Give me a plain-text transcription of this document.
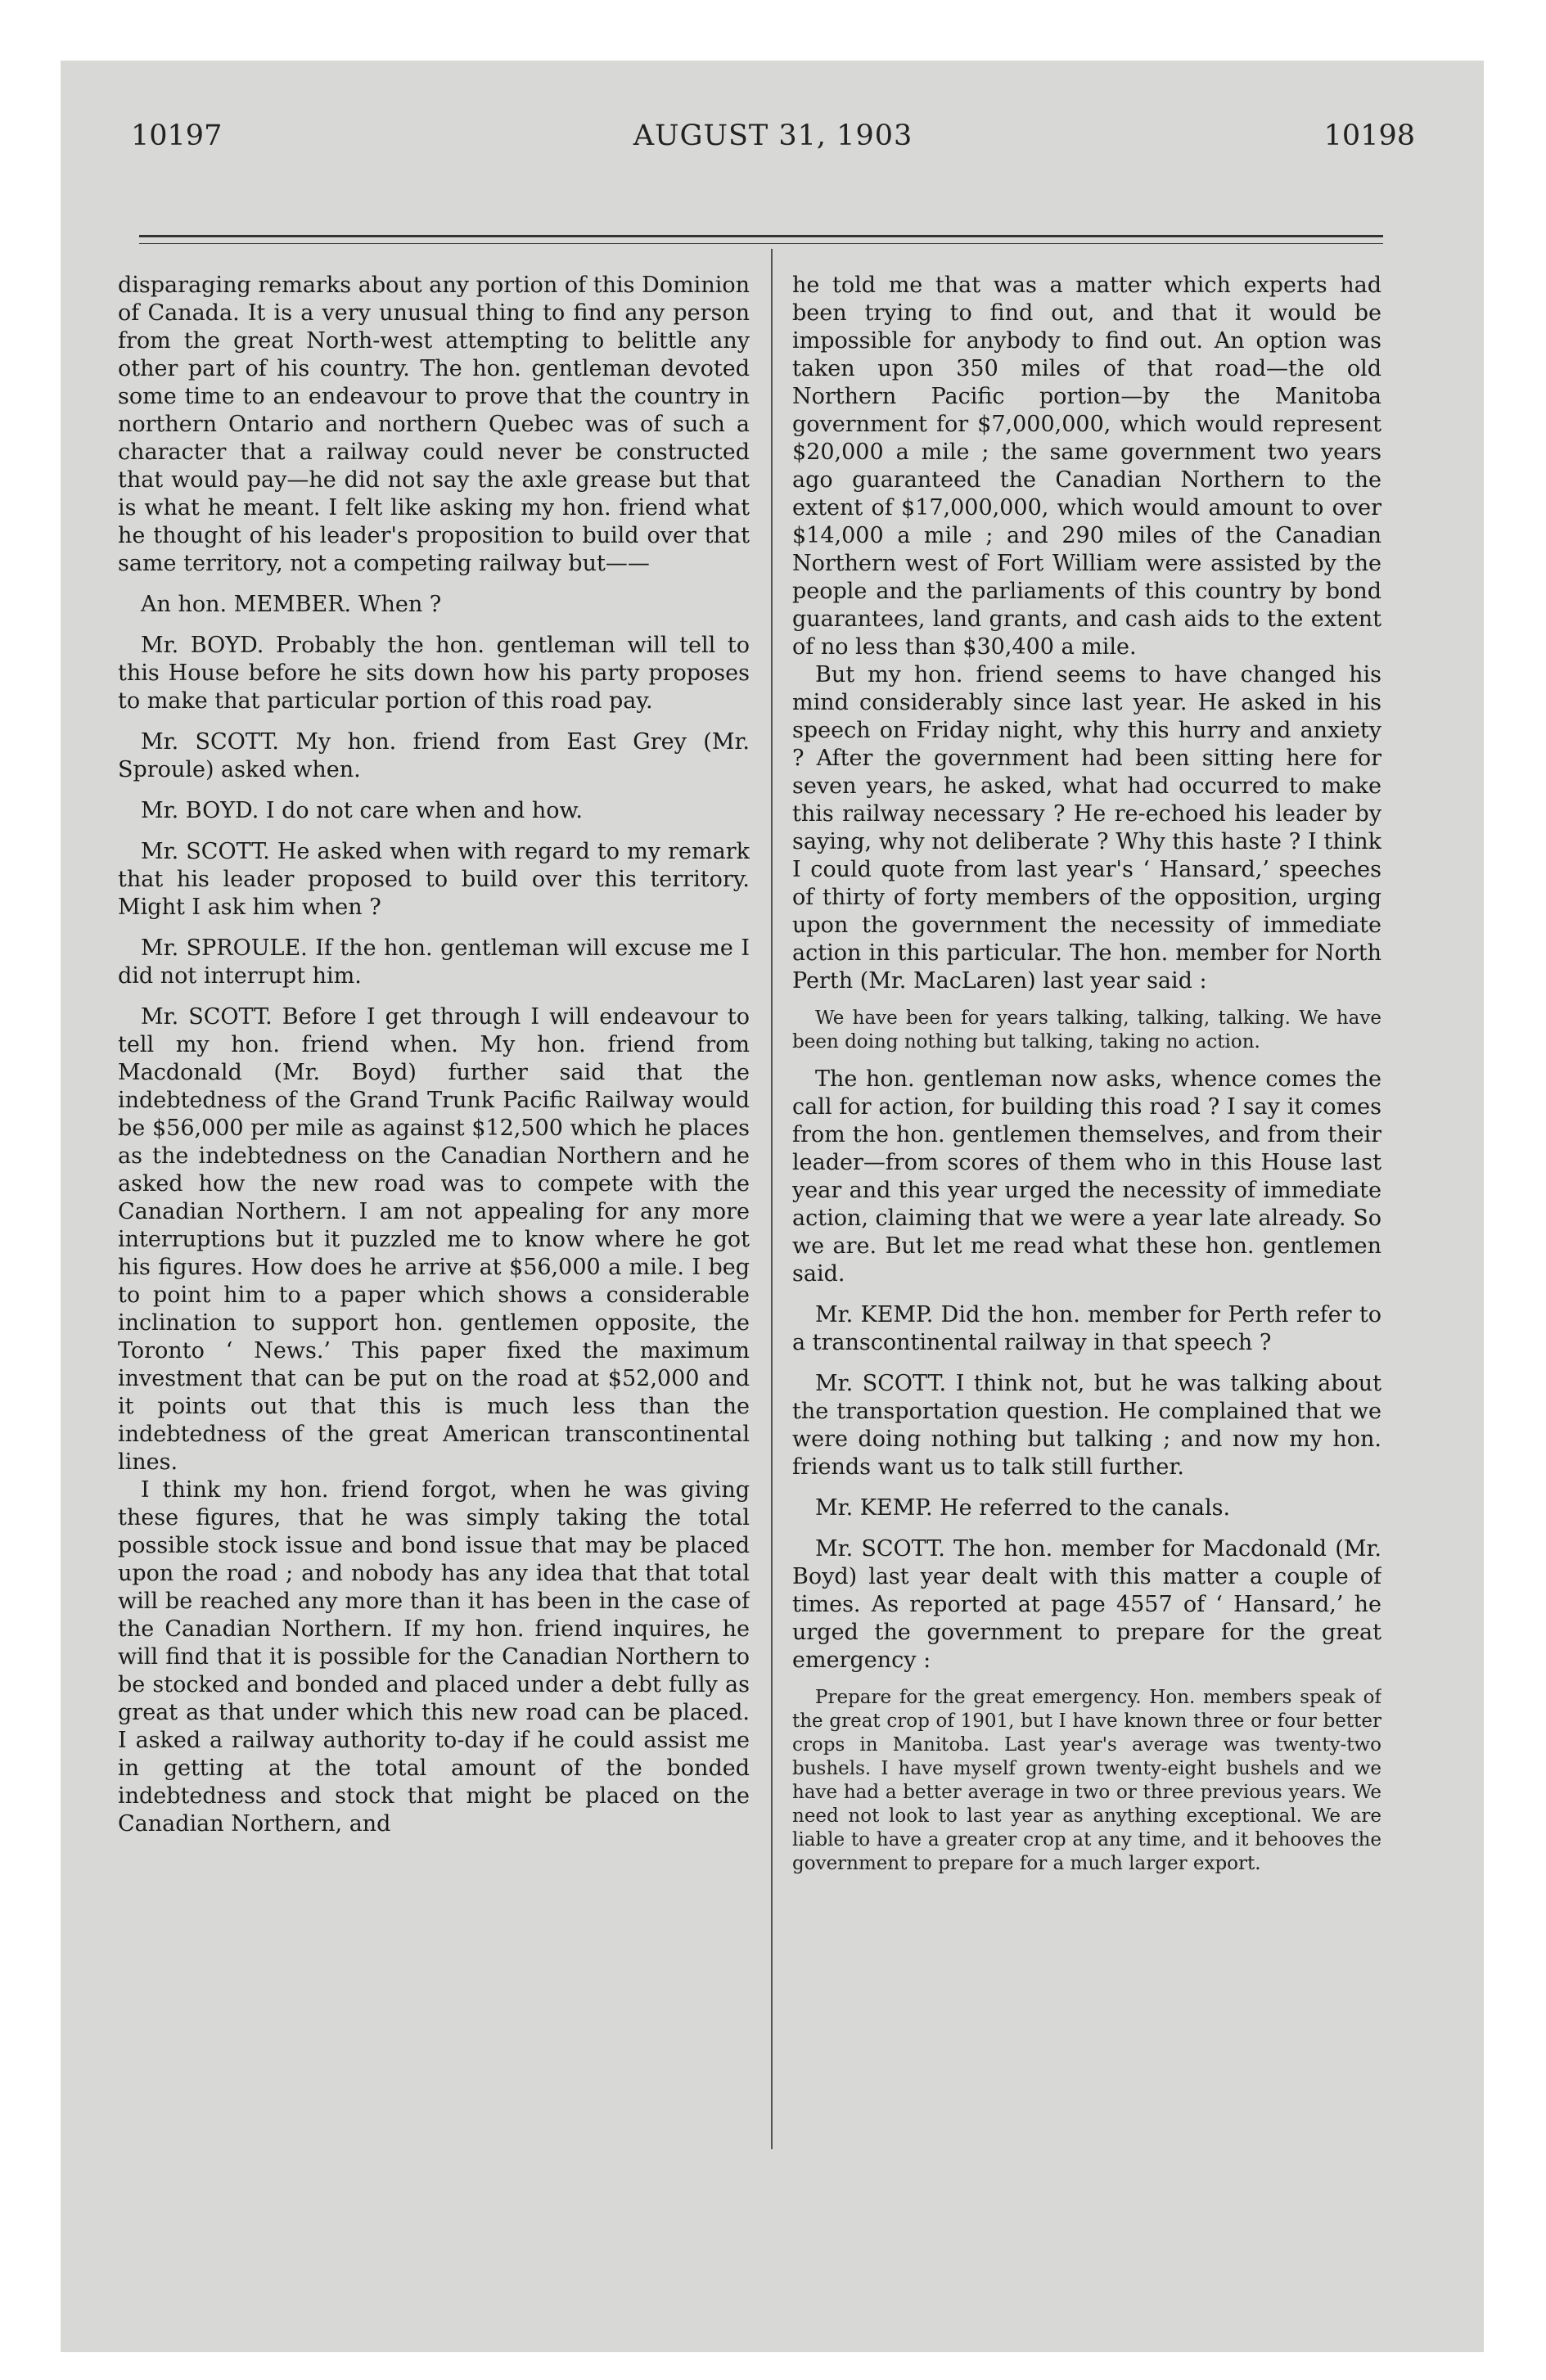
10197	AUGUST 31, 1903	10198

disparaging remarks about any portion of this Dominion of Canada. It is a very unusual thing to find any person from the great North-west attempting to belittle any other part of his country. The hon. gentleman devoted some time to an endeavour to prove that the country in northern Ontario and northern Quebec was of such a character that a railway could never be constructed that would pay—he did not say the axle grease but that is what he meant. I felt like asking my hon. friend what he thought of his leader's proposition to build over that same territory, not a competing railway but——

An hon. MEMBER. When ?

Mr. BOYD. Probably the hon. gentleman will tell to this House before he sits down how his party proposes to make that particular portion of this road pay.

Mr. SCOTT. My hon. friend from East Grey (Mr. Sproule) asked when.

Mr. BOYD. I do not care when and how.

Mr. SCOTT. He asked when with regard to my remark that his leader proposed to build over this territory. Might I ask him when ?

Mr. SPROULE. If the hon. gentleman will excuse me I did not interrupt him.

Mr. SCOTT. Before I get through I will endeavour to tell my hon. friend when. My hon. friend from Macdonald (Mr. Boyd) further said that the indebtedness of the Grand Trunk Pacific Railway would be $56,000 per mile as against $12,500 which he places as the indebtedness on the Canadian Northern and he asked how the new road was to compete with the Canadian Northern. I am not appealing for any more interruptions but it puzzled me to know where he got his figures. How does he arrive at $56,000 a mile. I beg to point him to a paper which shows a considerable inclination to support hon. gentlemen opposite, the Toronto ‘ News.’ This paper fixed the maximum investment that can be put on the road at $52,000 and it points out that this is much less than the indebtedness of the great American transcontinental lines.

I think my hon. friend forgot, when he was giving these figures, that he was simply taking the total possible stock issue and bond issue that may be placed upon the road ; and nobody has any idea that that total will be reached any more than it has been in the case of the Canadian Northern. If my hon. friend inquires, he will find that it is possible for the Canadian Northern to be stocked and bonded and placed under a debt fully as great as that under which this new road can be placed. I asked a railway authority to-day if he could assist me in getting at the total amount of the bonded indebtedness and stock that might be placed on the Canadian Northern, and

he told me that was a matter which experts had been trying to find out, and that it would be impossible for anybody to find out. An option was taken upon 350 miles of that road—the old Northern Pacific portion—by the Manitoba government for $7,000,000, which would represent $20,000 a mile ; the same government two years ago guaranteed the Canadian Northern to the extent of $17,000,000, which would amount to over $14,000 a mile ; and 290 miles of the Canadian Northern west of Fort William were assisted by the people and the parliaments of this country by bond guarantees, land grants, and cash aids to the extent of no less than $30,400 a mile.

But my hon. friend seems to have changed his mind considerably since last year. He asked in his speech on Friday night, why this hurry and anxiety ? After the government had been sitting here for seven years, he asked, what had occurred to make this railway necessary ? He re-echoed his leader by saying, why not deliberate ? Why this haste ? I think I could quote from last year's ‘ Hansard,’ speeches of thirty of forty members of the opposition, urging upon the government the necessity of immediate action in this particular. The hon. member for North Perth (Mr. MacLaren) last year said :

We have been for years talking, talking, talking. We have been doing nothing but talking, taking no action.

The hon. gentleman now asks, whence comes the call for action, for building this road ? I say it comes from the hon. gentlemen themselves, and from their leader—from scores of them who in this House last year and this year urged the necessity of immediate action, claiming that we were a year late already. So we are. But let me read what these hon. gentlemen said.

Mr. KEMP. Did the hon. member for Perth refer to a transcontinental railway in that speech ?

Mr. SCOTT. I think not, but he was talking about the transportation question. He complained that we were doing nothing but talking ; and now my hon. friends want us to talk still further.

Mr. KEMP. He referred to the canals.

Mr. SCOTT. The hon. member for Macdonald (Mr. Boyd) last year dealt with this matter a couple of times. As reported at page 4557 of ‘ Hansard,’ he urged the government to prepare for the great emergency :

Prepare for the great emergency. Hon. members speak of the great crop of 1901, but I have known three or four better crops in Manitoba. Last year's average was twenty-two bushels. I have myself grown twenty-eight bushels and we have had a better average in two or three previous years. We need not look to last year as anything exceptional. We are liable to have a greater crop at any time, and it behooves the government to prepare for a much larger export.
